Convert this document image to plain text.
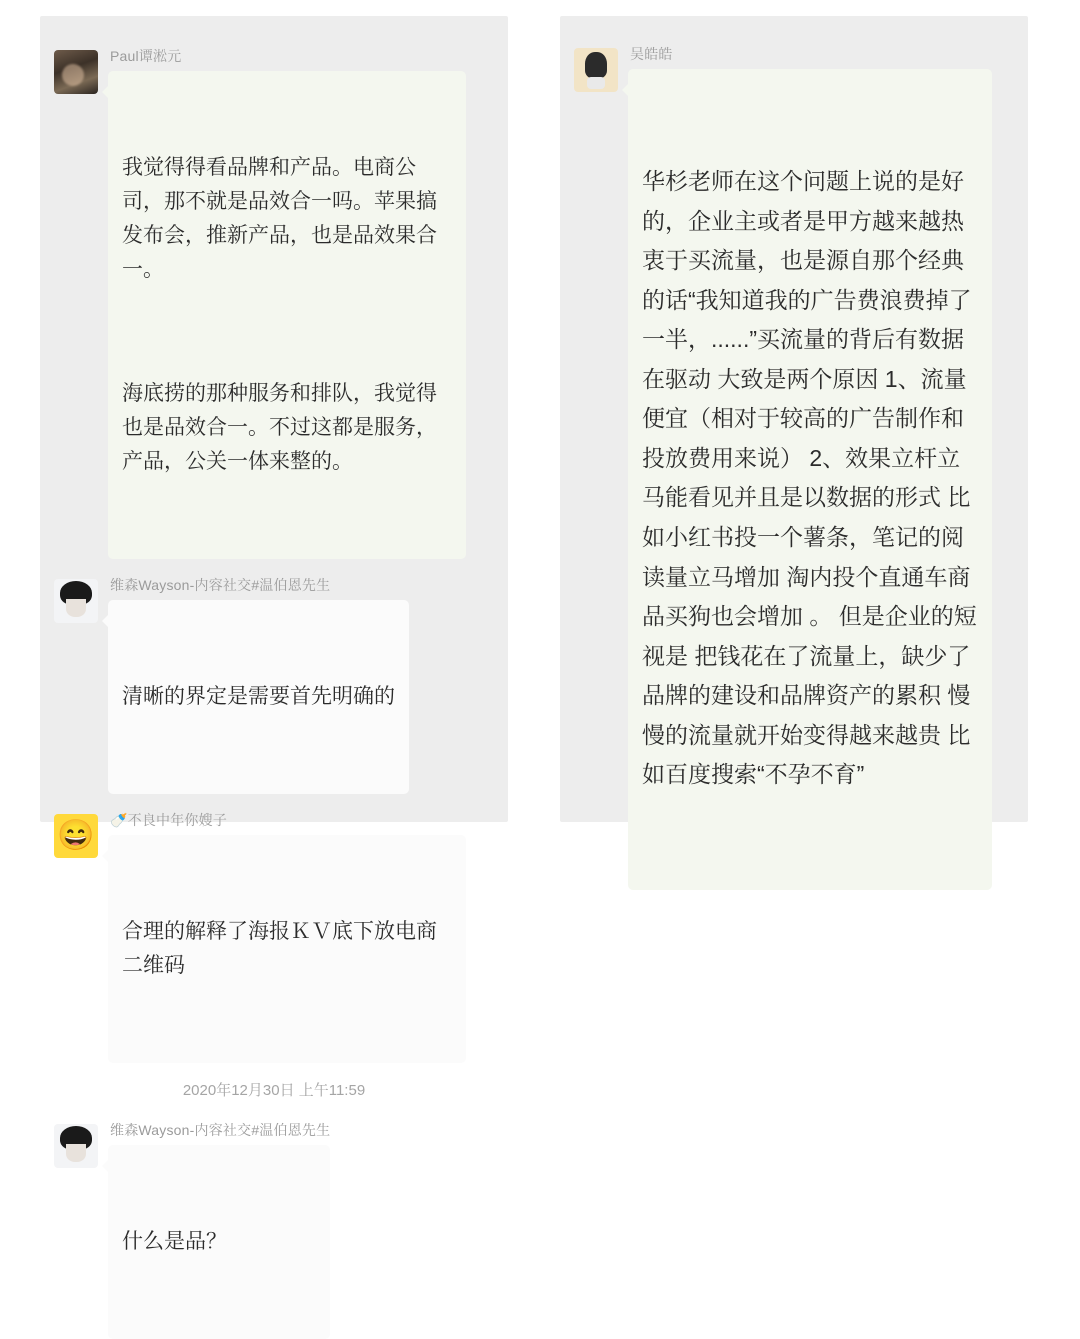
Paul谭淞元

我觉得得看品牌和产品。电商公司，那不就是品效合一吗。苹果搞发布会，推新产品，也是品效果合一。

海底捞的那种服务和排队，我觉得也是品效合一。不过这都是服务，产品，公关一体来整的。

维森Wayson-内容社交#温伯恩先生

清晰的界定是需要首先明确的

😄 🍼不良中年你嫂子

合理的解释了海报ＫＶ底下放电商二维码

2020年12月30日 上午11:59
维森Wayson-内容社交#温伯恩先生

什么是品？

吴皓皓

华杉老师在这个问题上说的是好的，企业主或者是甲方越来越热衷于买流量，也是源自那个经典的话“我知道我的广告费浪费掉了一半，......”买流量的背后有数据在驱动 大致是两个原因 1、流量便宜（相对于较高的广告制作和投放费用来说） 2、效果立杆立马能看见并且是以数据的形式 比如小红书投一个薯条，笔记的阅读量立马增加 淘内投个直通车商品买狗也会增加 。 但是企业的短视是 把钱花在了流量上，缺少了品牌的建设和品牌资产的累积 慢慢的流量就开始变得越来越贵 比如百度搜索“不孕不育”
